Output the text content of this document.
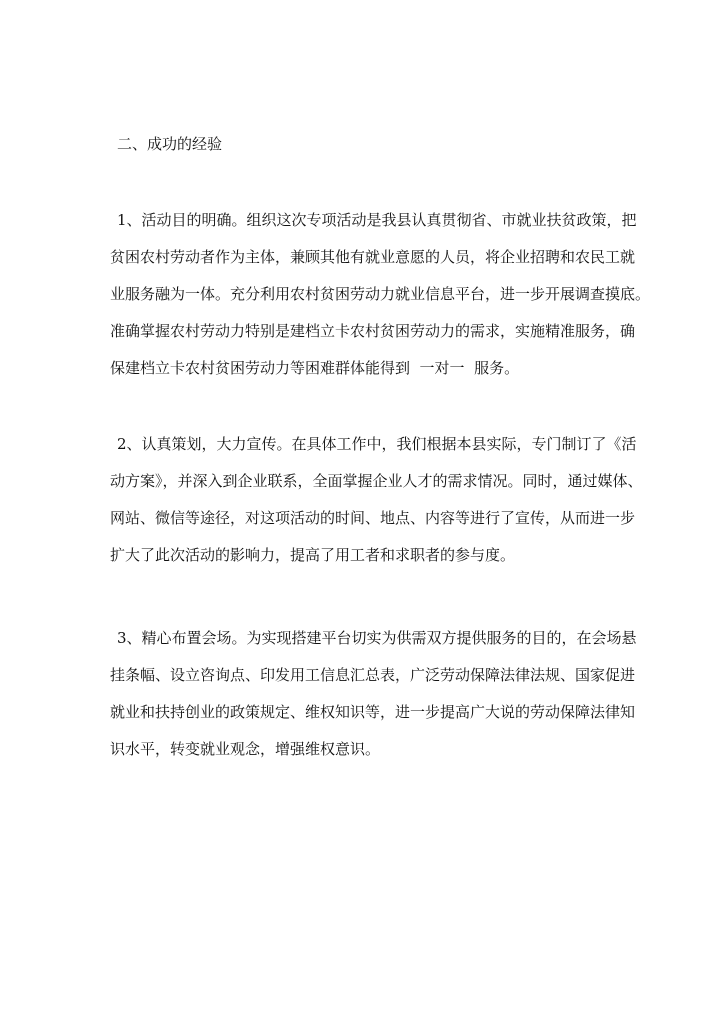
二、成功的经验
1、活动目的明确。组织这次专项活动是我县认真贯彻省、市就业扶贫政策，把
贫困农村劳动者作为主体，兼顾其他有就业意愿的人员，将企业招聘和农民工就
业服务融为一体。充分利用农村贫困劳动力就业信息平台，进一步开展调查摸底。
准确掌握农村劳动力特别是建档立卡农村贫困劳动力的需求，实施精准服务，确
保建档立卡农村贫困劳动力等困难群体能得到  一对一  服务。
2、认真策划，大力宣传。在具体工作中，我们根据本县实际，专门制订了《活
动方案》，并深入到企业联系，全面掌握企业人才的需求情况。同时，通过媒体、
网站、微信等途径，对这项活动的时间、地点、内容等进行了宣传，从而进一步
扩大了此次活动的影响力，提高了用工者和求职者的参与度。
3、精心布置会场。为实现搭建平台切实为供需双方提供服务的目的，在会场悬
挂条幅、设立咨询点、印发用工信息汇总表，广泛劳动保障法律法规、国家促进
就业和扶持创业的政策规定、维权知识等，进一步提高广大说的劳动保障法律知
识水平，转变就业观念，增强维权意识。
